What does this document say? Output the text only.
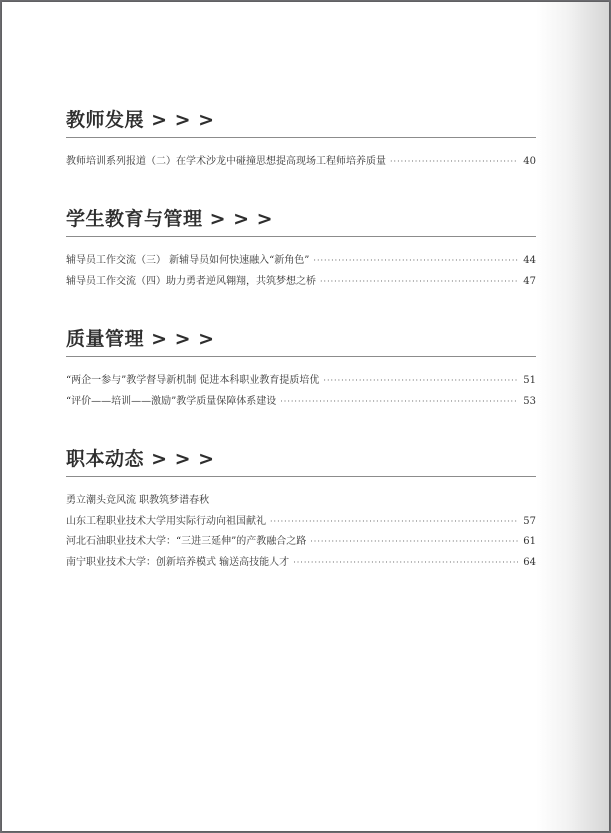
教师发展 > > >
教师培训系列报道（二）在学术沙龙中碰撞思想提高现场工程师培养质量 ·····	40
学生教育与管理 > > >
辅导员工作交流（三） 新辅导员如何快速融入“新角色” ·····	44
辅导员工作交流（四）助力勇者逆风翱翔，共筑梦想之桥 ·····	47
质量管理 > > >
“两企一参与”教学督导新机制 促进本科职业教育提质培优 ·····	51
“评价——培训——激励”教学质量保障体系建设 ·····	53
职本动态 > > >
勇立潮头竞风流 职教筑梦谱春秋
山东工程职业技术大学用实际行动向祖国献礼 ·····	57
河北石油职业技术大学：“三进三延伸”的产教融合之路 ·····	61
南宁职业技术大学：创新培养模式 输送高技能人才 ·····	64
